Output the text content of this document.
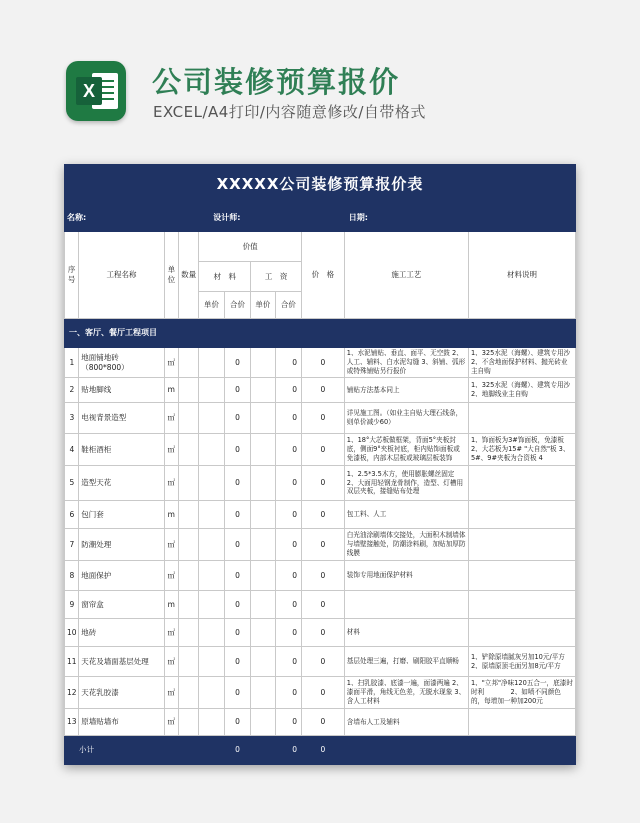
X 公司装修预算报价
EXCEL/A4打印/内容随意修改/自带格式
XXXXX公司装修预算报价表										
名称:				设计师:					日期:	
序号	工程名称	单位	数量	价值				价　格	施工工艺	材料说明
				材　料		工　资				
				单价	合价	单价	合价			
一、客厅、餐厅工程项目										
1	地面铺地砖（800*800）	㎡			0		0	0	1、水泥铺贴、垂直、面平、无空鼓 2、人工、辅料、白水泥勾缝 3、斜铺、弧形或特殊铺贴另行报价	1、325水泥（海螺）、建筑专用沙 2、不含地面保护材料、抛光砖业主自购
2	贴地脚线	m			0		0	0	铺贴方法基本同上	1、325水泥（海螺）、建筑专用沙 2、地脚线业主自购
3	电视背景造型	㎡			0		0	0	详见施工图。（如业主自贴大理石线条，则单价减少60）	
4	鞋柜酒柜	㎡			0		0	0	1、18°大芯板做框架，背面5°夹板封底，侧面9°夹板衬底，柜内贴饰面板或免漆板，内部木层板或玻璃层板装饰	1、饰面板为3#饰面板，免漆板 2、大芯板为15# "大自然"板 3、5#、9#夹板为合资板 4
5	造型天花	㎡			0		0	0	1、2.5*3.5木方，使用膨胀螺丝固定 2、大面用轻钢龙骨制作，造型、灯槽用双层夹板，接缝贴布处理	
6	包门套	m			0		0	0	包工料、人工	
7	防潮处理	㎡			0		0	0	白光油涂刷墙体交接处，大面积木制墙体与墙壁接触处，防潮涂料刷，加贴加厚防线膜	
8	地面保护	㎡			0		0	0	装饰专用地面保护材料	
9	窗帘盒	m			0		0	0		
10	地砖	㎡			0		0	0	材料	
11	天花及墙面基层处理	㎡			0		0	0	基层处理三遍，打磨、刷阳胶平直顺畅	1、铲除原墙腻灰另加10元/平方 2、原墙原顶毛面另加8元/平方
12	天花乳胶漆	㎡			0		0	0	1、扫乳胶漆、底漆一遍，面漆两遍 2、漆面平滑，角线无色差，无脱水现象 3、含人工材料	1、"立邦"净味120五合一，底漆时时利　　　　2、如喷不同颜色的，每增加一种加200元
13	原墙贴墙布	㎡			0		0	0	含墙布人工及辅料	
小计					0		0	0		
